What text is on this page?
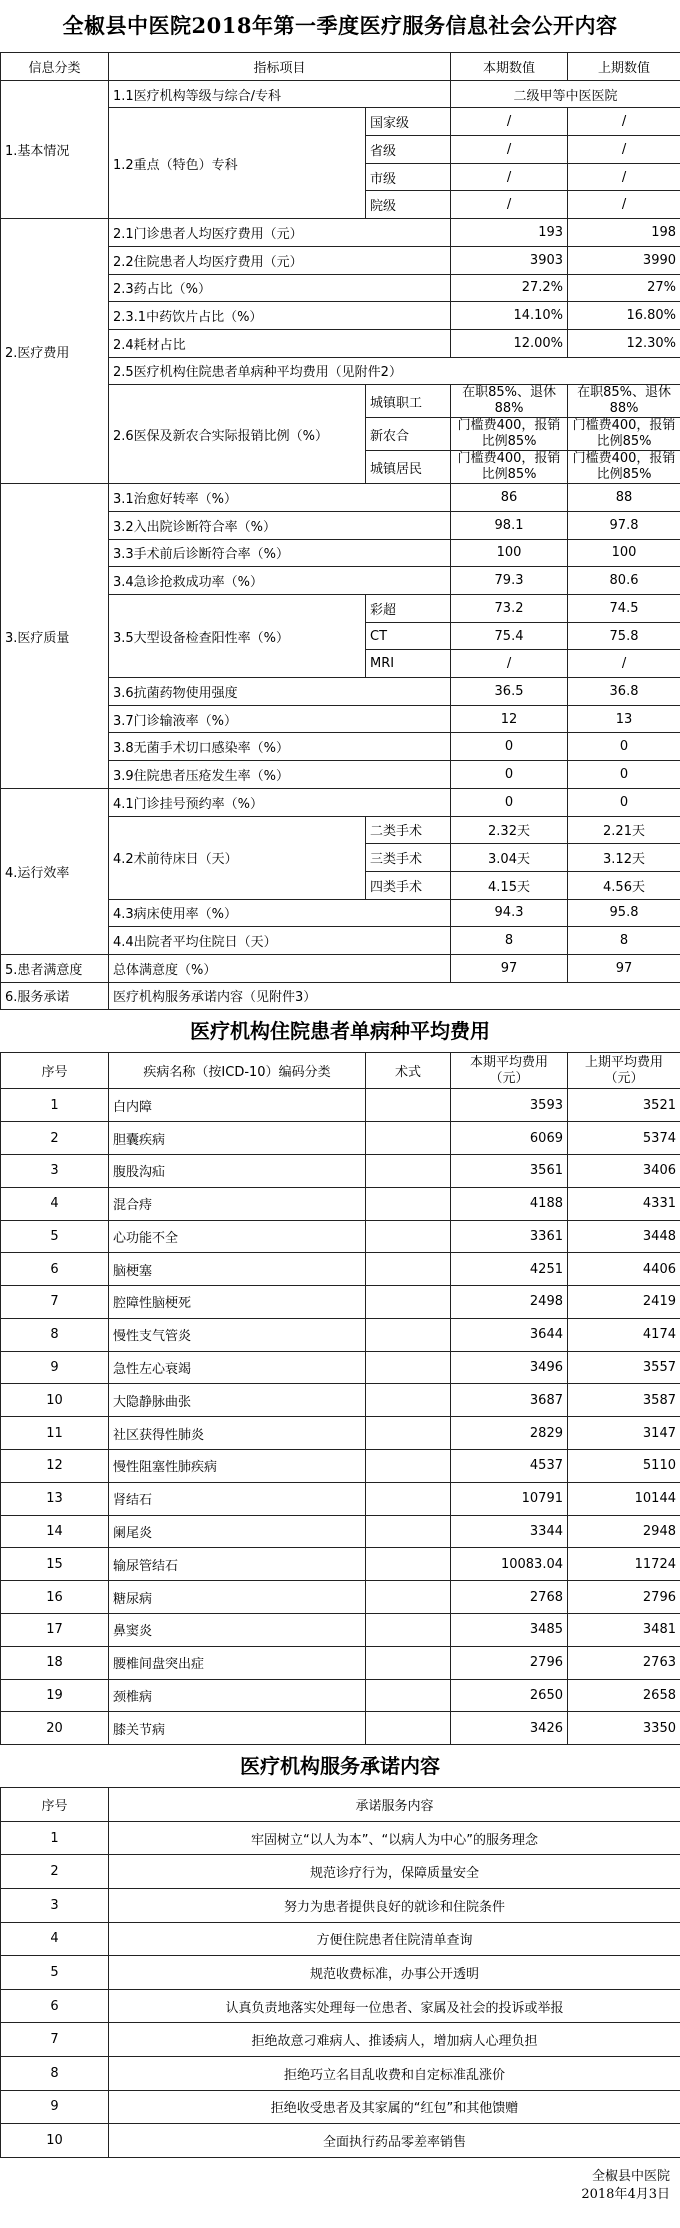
全椒县中医院2018年第一季度医疗服务信息社会公开内容
信息分类	指标项目		本期数值	上期数值
1.基本情况	1.1医疗机构等级与综合/专科		二级甲等中医医院	
	1.2重点（特色）专科	国家级	/	/
		省级	/	/
		市级	/	/
		院级	/	/
2.医疗费用	2.1门诊患者人均医疗费用（元）		193	198
	2.2住院患者人均医疗费用（元）		3903	3990
	2.3药占比（%）		27.2%	27%
	2.3.1中药饮片占比（%）		14.10%	16.80%
	2.4耗材占比		12.00%	12.30%
	2.5医疗机构住院患者单病种平均费用（见附件2）			
	2.6医保及新农合实际报销比例（%）	城镇职工	在职85%、退休88%	在职85%、退休88%
		新农合	门槛费400，报销比例85%	门槛费400，报销比例85%
		城镇居民	门槛费400，报销比例85%	门槛费400，报销比例85%
3.医疗质量	3.1治愈好转率（%）		86	88
	3.2入出院诊断符合率（%）		98.1	97.8
	3.3手术前后诊断符合率（%）		100	100
	3.4急诊抢救成功率（%）		79.3	80.6
	3.5大型设备检查阳性率（%）	彩超	73.2	74.5
		CT	75.4	75.8
		MRI	/	/
	3.6抗菌药物使用强度		36.5	36.8
	3.7门诊输液率（%）		12	13
	3.8无菌手术切口感染率（%）		0	0
	3.9住院患者压疮发生率（%）		0	0
4.运行效率	4.1门诊挂号预约率（%）		0	0
	4.2术前待床日（天）	二类手术	2.32天	2.21天
		三类手术	3.04天	3.12天
		四类手术	4.15天	4.56天
	4.3病床使用率（%）		94.3	95.8
	4.4出院者平均住院日（天）		8	8
5.患者满意度	总体满意度（%）		97	97
6.服务承诺	医疗机构服务承诺内容（见附件3）			
医疗机构住院患者单病种平均费用
序号	疾病名称（按ICD-10）编码分类	术式	本期平均费用（元）	上期平均费用（元）
1	白内障		3593	3521
2	胆囊疾病		6069	5374
3	腹股沟疝		3561	3406
4	混合痔		4188	4331
5	心功能不全		3361	3448
6	脑梗塞		4251	4406
7	腔障性脑梗死		2498	2419
8	慢性支气管炎		3644	4174
9	急性左心衰竭		3496	3557
10	大隐静脉曲张		3687	3587
11	社区获得性肺炎		2829	3147
12	慢性阻塞性肺疾病		4537	5110
13	肾结石		10791	10144
14	阑尾炎		3344	2948
15	输尿管结石		10083.04	11724
16	糖尿病		2768	2796
17	鼻窦炎		3485	3481
18	腰椎间盘突出症		2796	2763
19	颈椎病		2650	2658
20	膝关节病		3426	3350
医疗机构服务承诺内容
序号	承诺服务内容
1	牢固树立“以人为本”、“以病人为中心”的服务理念
2	规范诊疗行为，保障质量安全
3	努力为患者提供良好的就诊和住院条件
4	方便住院患者住院清单查询
5	规范收费标准，办事公开透明
6	认真负责地落实处理每一位患者、家属及社会的投诉或举报
7	拒绝故意刁难病人、推诿病人，增加病人心理负担
8	拒绝巧立名目乱收费和自定标准乱涨价
9	拒绝收受患者及其家属的“红包”和其他馈赠
10	全面执行药品零差率销售
全椒县中医院
2018年4月3日
